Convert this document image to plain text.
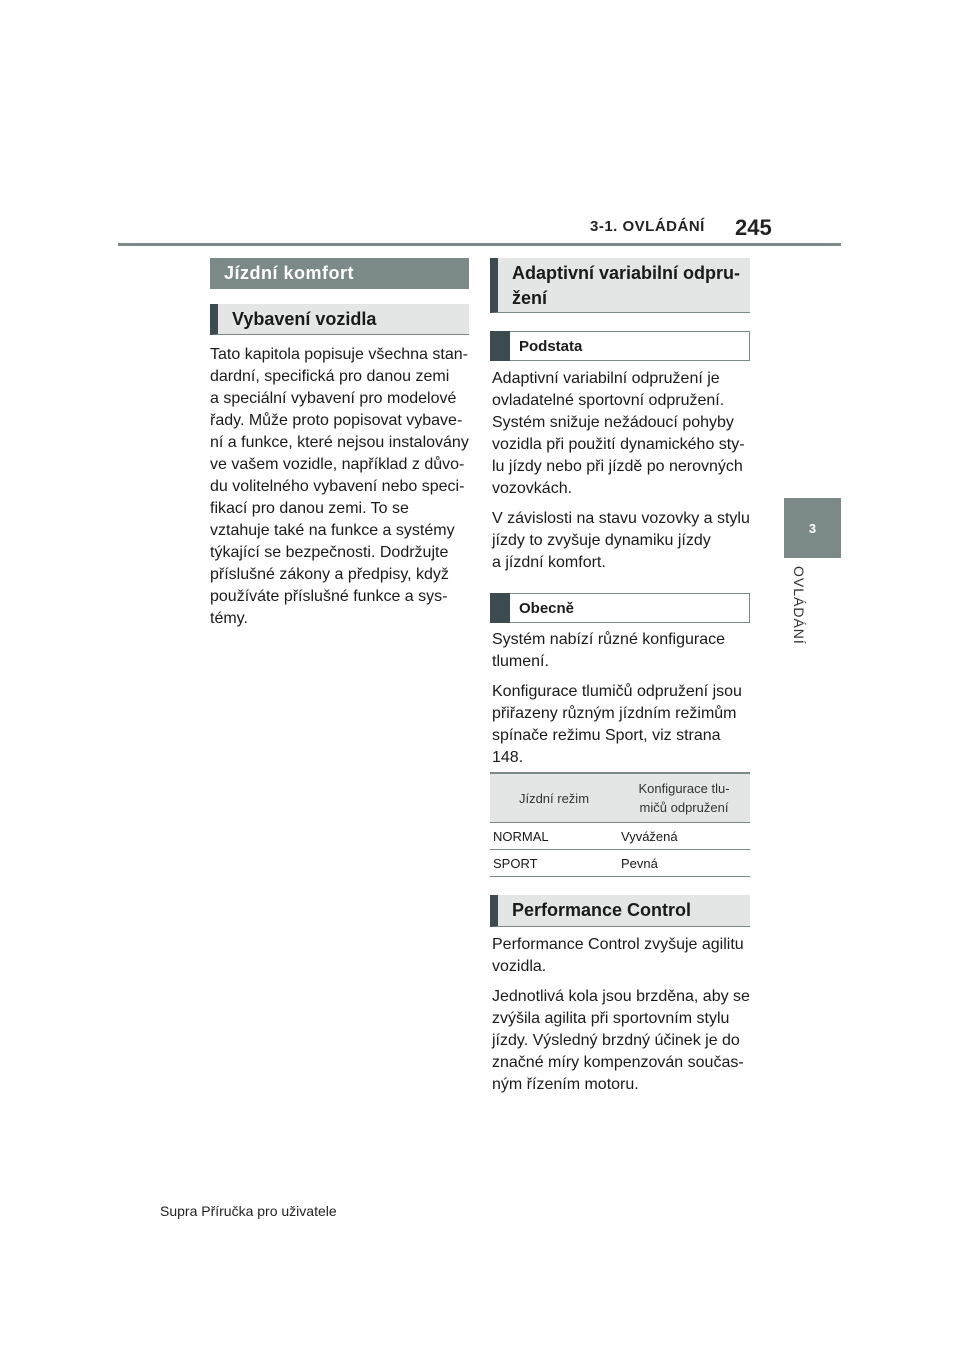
3-1. OVLÁDÁNÍ 245
3
OVLÁDÁNÍ
Jízdní komfort
Vybavení vozidla

Tato kapitola popisuje všechna stan-

dardní, specifická pro danou zemi

a speciální vybavení pro modelové

řady. Může proto popisovat vybave-

ní a funkce, které nejsou instalovány

ve vašem vozidle, například z důvo-

du volitelného vybavení nebo speci-

fikací pro danou zemi. To se

vztahuje také na funkce a systémy

týkající se bezpečnosti. Dodržujte

příslušné zákony a předpisy, když

používáte příslušné funkce a sys-

témy.

Adaptivní variabilní odpru-
žení
Podstata

Adaptivní variabilní odpružení je

ovladatelné sportovní odpružení.

Systém snižuje nežádoucí pohyby

vozidla při použití dynamického sty-

lu jízdy nebo při jízdě po nerovných

vozovkách.

V závislosti na stavu vozovky a stylu

jízdy to zvyšuje dynamiku jízdy

a jízdní komfort.

Obecně

Systém nabízí různé konfigurace

tlumení.

Konfigurace tlumičů odpružení jsou

přiřazeny různým jízdním režimům

spínače režimu Sport, viz strana

148.

Jízdní režim	Konfigurace tlu-
mičů odpružení

NORMAL	Vyvážená
SPORT	Pevná
Performance Control

Performance Control zvyšuje agilitu

vozidla.

Jednotlivá kola jsou brzděna, aby se

zvýšila agilita při sportovním stylu

jízdy. Výsledný brzdný účinek je do

značné míry kompenzován součas-

ným řízením motoru.

Supra Příručka pro uživatele
